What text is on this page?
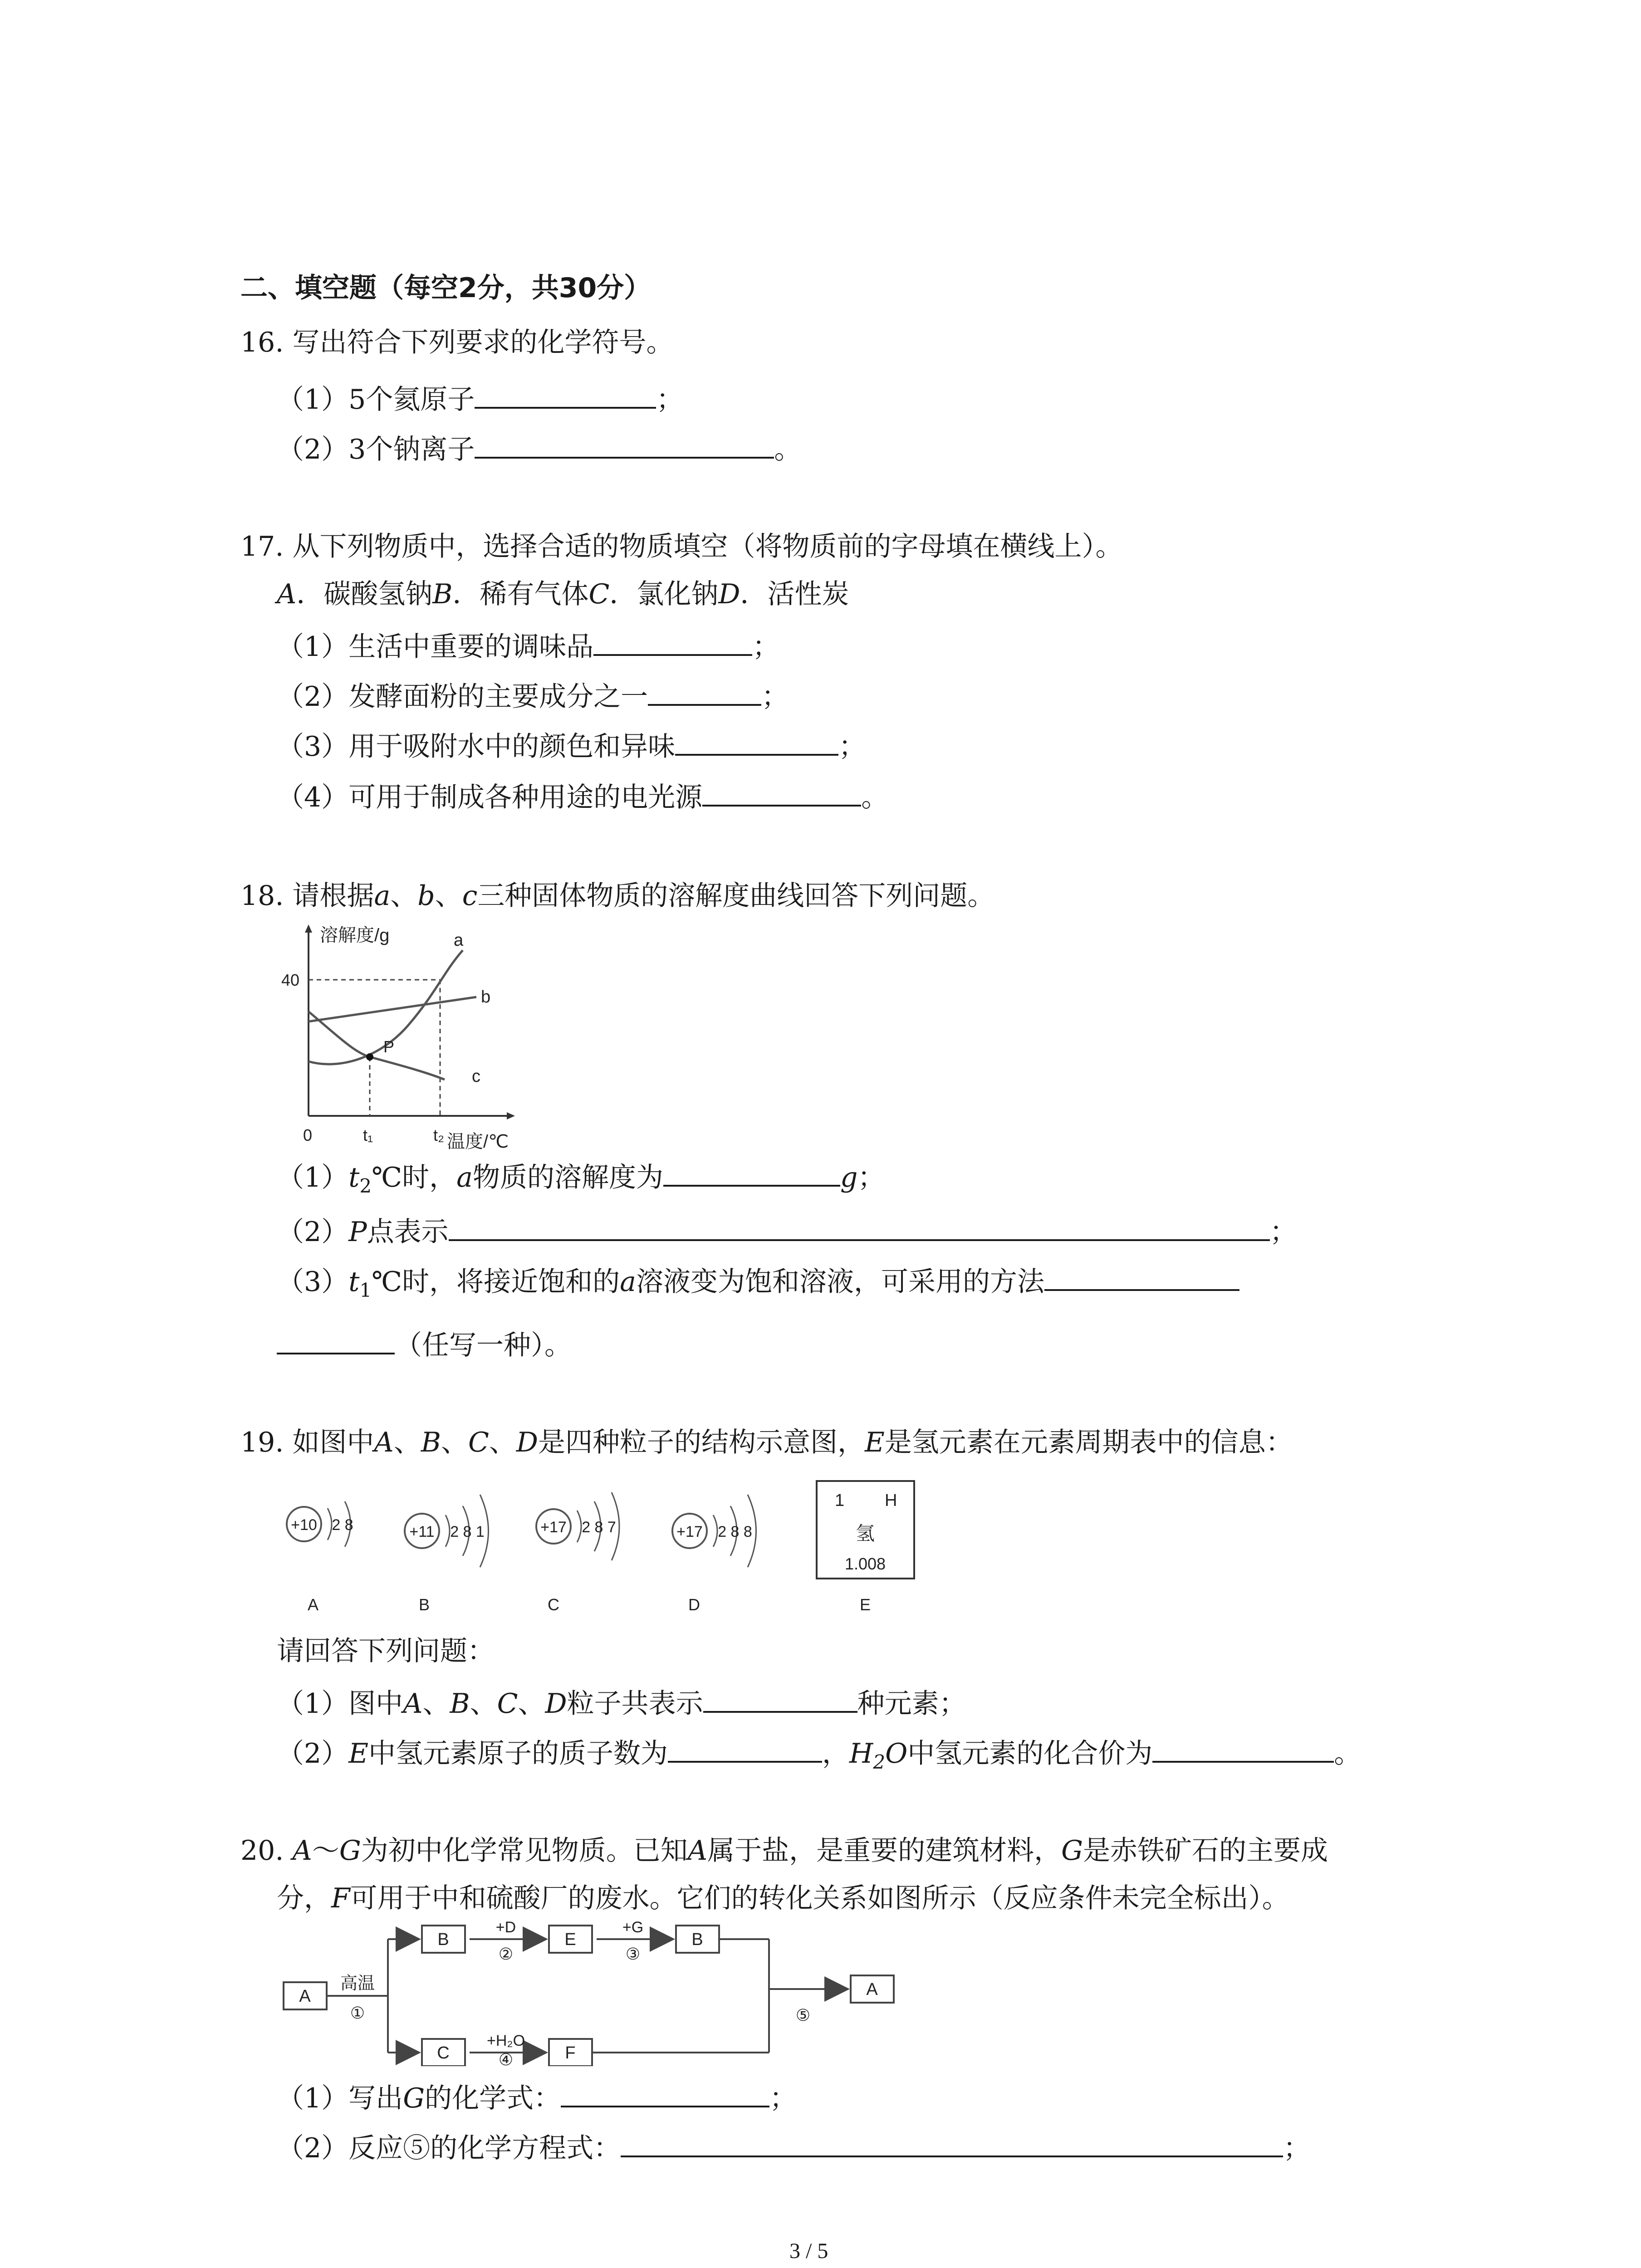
二、填空题（每空2分，共30分）
16. 写出符合下列要求的化学符号。
（1）5个氦原子	；
（2）3个钠离子	。
17. 从下列物质中，选择合适的物质填空（将物质前的字母填在横线上）。
A．碳酸氢钠B．稀有气体C．氯化钠D．活性炭
（1）生活中重要的调味品	；
（2）发酵面粉的主要成分之一	；
（3）用于吸附水中的颜色和异味	；
（4）可用于制成各种用途的电光源	。
18. 请根据a、b、c三种固体物质的溶解度曲线回答下列问题。
溶解度/g
40
0	t₁	t₂ 温度/℃
a
b
c
P
$(1)t_2℃$时，a物质的溶解度为	g；
（2）P点表示	；
$(3)t_1℃$时，将接近饱和的a溶液变为饱和溶液，可采用的方法
（任写一种）。
19. 如图中A、B、C、D是四种粒子的结构示意图，E是氢元素在元素周期表中的信息：
+10 2 8
A
+11 2 8 1
B
+17 2 8 7
C
+17 2 8 8
D
1 H
氢
1.008
E
请回答下列问题：
（1）图中A、B、C、D粒子共表示	种元素；
（2）E中氢元素原子的质子数为	，$H_2O$中氢元素的化合价为	。
20. A～G为初中化学常见物质。已知A属于盐，是重要的建筑材料，G是赤铁矿石的主要成
分，F可用于中和硫酸厂的废水。它们的转化关系如图所示（反应条件未完全标出）。
A
高温
①
B
+D
②
E
+G
③
B
C
+H₂O
④	F
⑤
A
（1）写出G的化学式：	；
（2）反应⑤的化学方程式：	；
3 / 5
